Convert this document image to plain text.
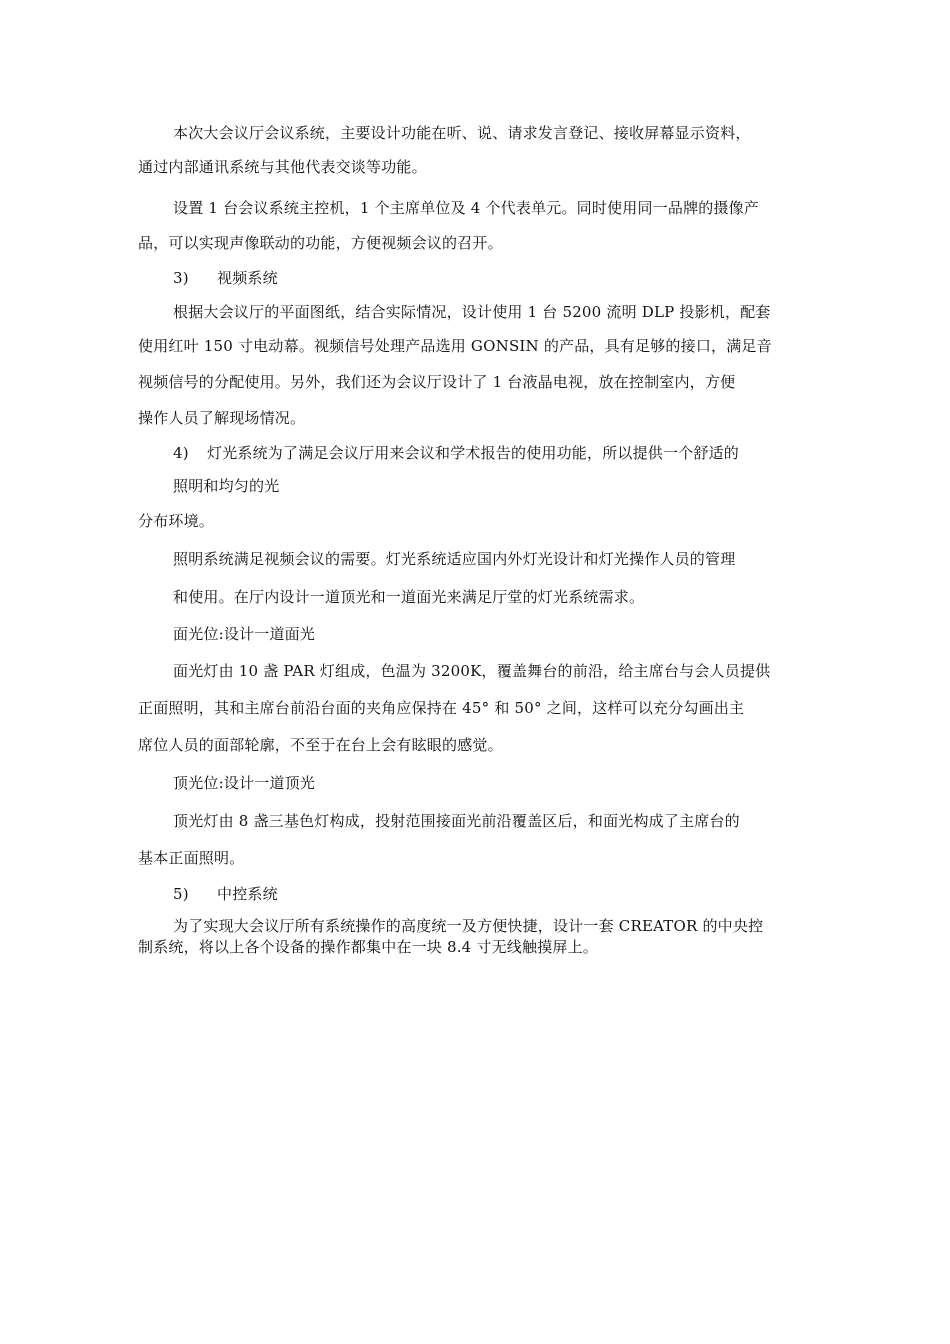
本次大会议厅会议系统，主要设计功能在听、说、请求发言登记、接收屏幕显示资料，
通过内部通讯系统与其他代表交谈等功能。
设置 1 台会议系统主控机，1 个主席单位及 4 个代表单元。同时使用同一品牌的摄像产
品，可以实现声像联动的功能，方便视频会议的召开。
3) 视频系统
根据大会议厅的平面图纸，结合实际情况，设计使用 1 台 5200 流明 DLP 投影机，配套
使用红叶 150 寸电动幕。视频信号处理产品选用 GONSIN 的产品，具有足够的接口，满足音
视频信号的分配使用。另外，我们还为会议厅设计了 1 台液晶电视，放在控制室内，方便
操作人员了解现场情况。
4) 灯光系统为了满足会议厅用来会议和学术报告的使用功能，所以提供一个舒适的
照明和均匀的光
分布环境。
照明系统满足视频会议的需要。灯光系统适应国内外灯光设计和灯光操作人员的管理
和使用。在厅内设计一道顶光和一道面光来满足厅堂的灯光系统需求。
面光位:设计一道面光
面光灯由 10 盏 PAR 灯组成，色温为 3200K，覆盖舞台的前沿，给主席台与会人员提供
正面照明，其和主席台前沿台面的夹角应保持在 45° 和 50° 之间，这样可以充分勾画出主
席位人员的面部轮廓，不至于在台上会有眩眼的感觉。
顶光位:设计一道顶光
顶光灯由 8 盏三基色灯构成，投射范围接面光前沿覆盖区后，和面光构成了主席台的
基本正面照明。
5) 中控系统
为了实现大会议厅所有系统操作的高度统一及方便快捷，设计一套 CREATOR 的中央控
制系统，将以上各个设备的操作都集中在一块 8.4 寸无线触摸屏上。
